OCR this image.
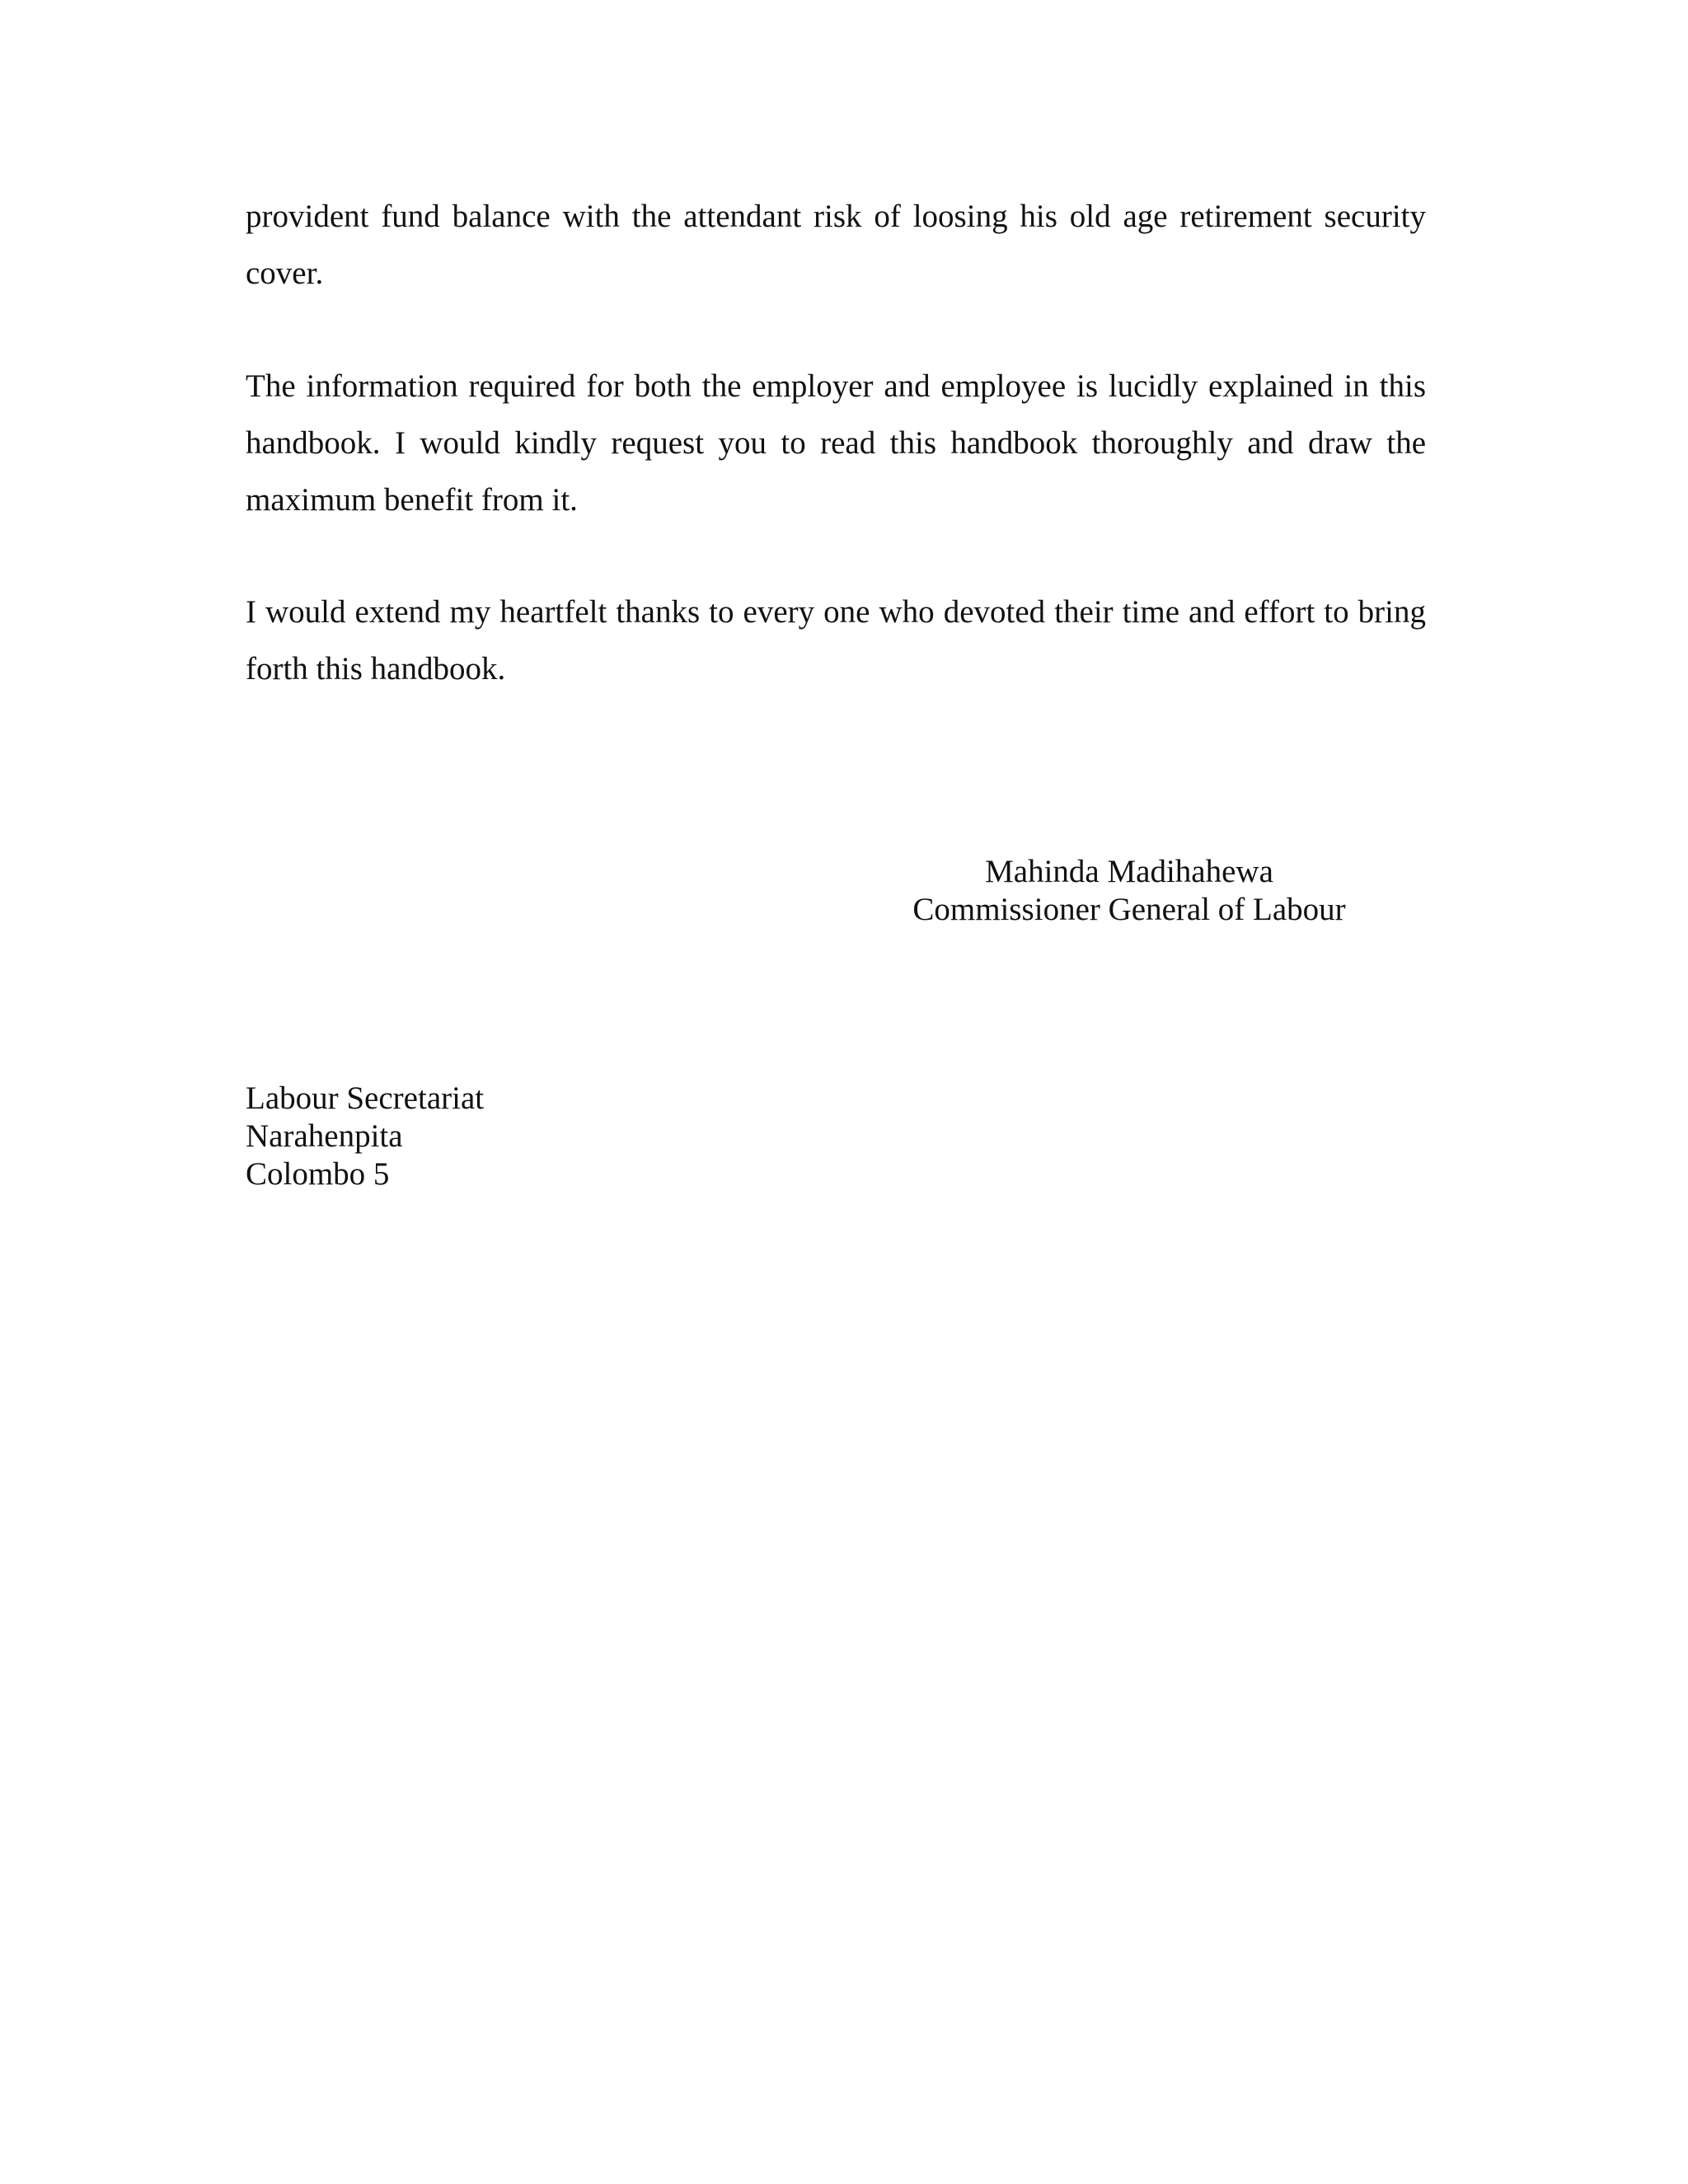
provident fund balance with the attendant risk of loosing his old age retirement security cover.

The information required for both the employer and employee is lucidly explained in this handbook. I would kindly request you to read this handbook thoroughly and draw the maximum benefit from it.

I would extend my heartfelt thanks to every one who devoted their time and effort to bring forth this handbook.

Mahinda Madihahewa
Commissioner General of Labour
Labour Secretariat
Narahenpita
Colombo 5
